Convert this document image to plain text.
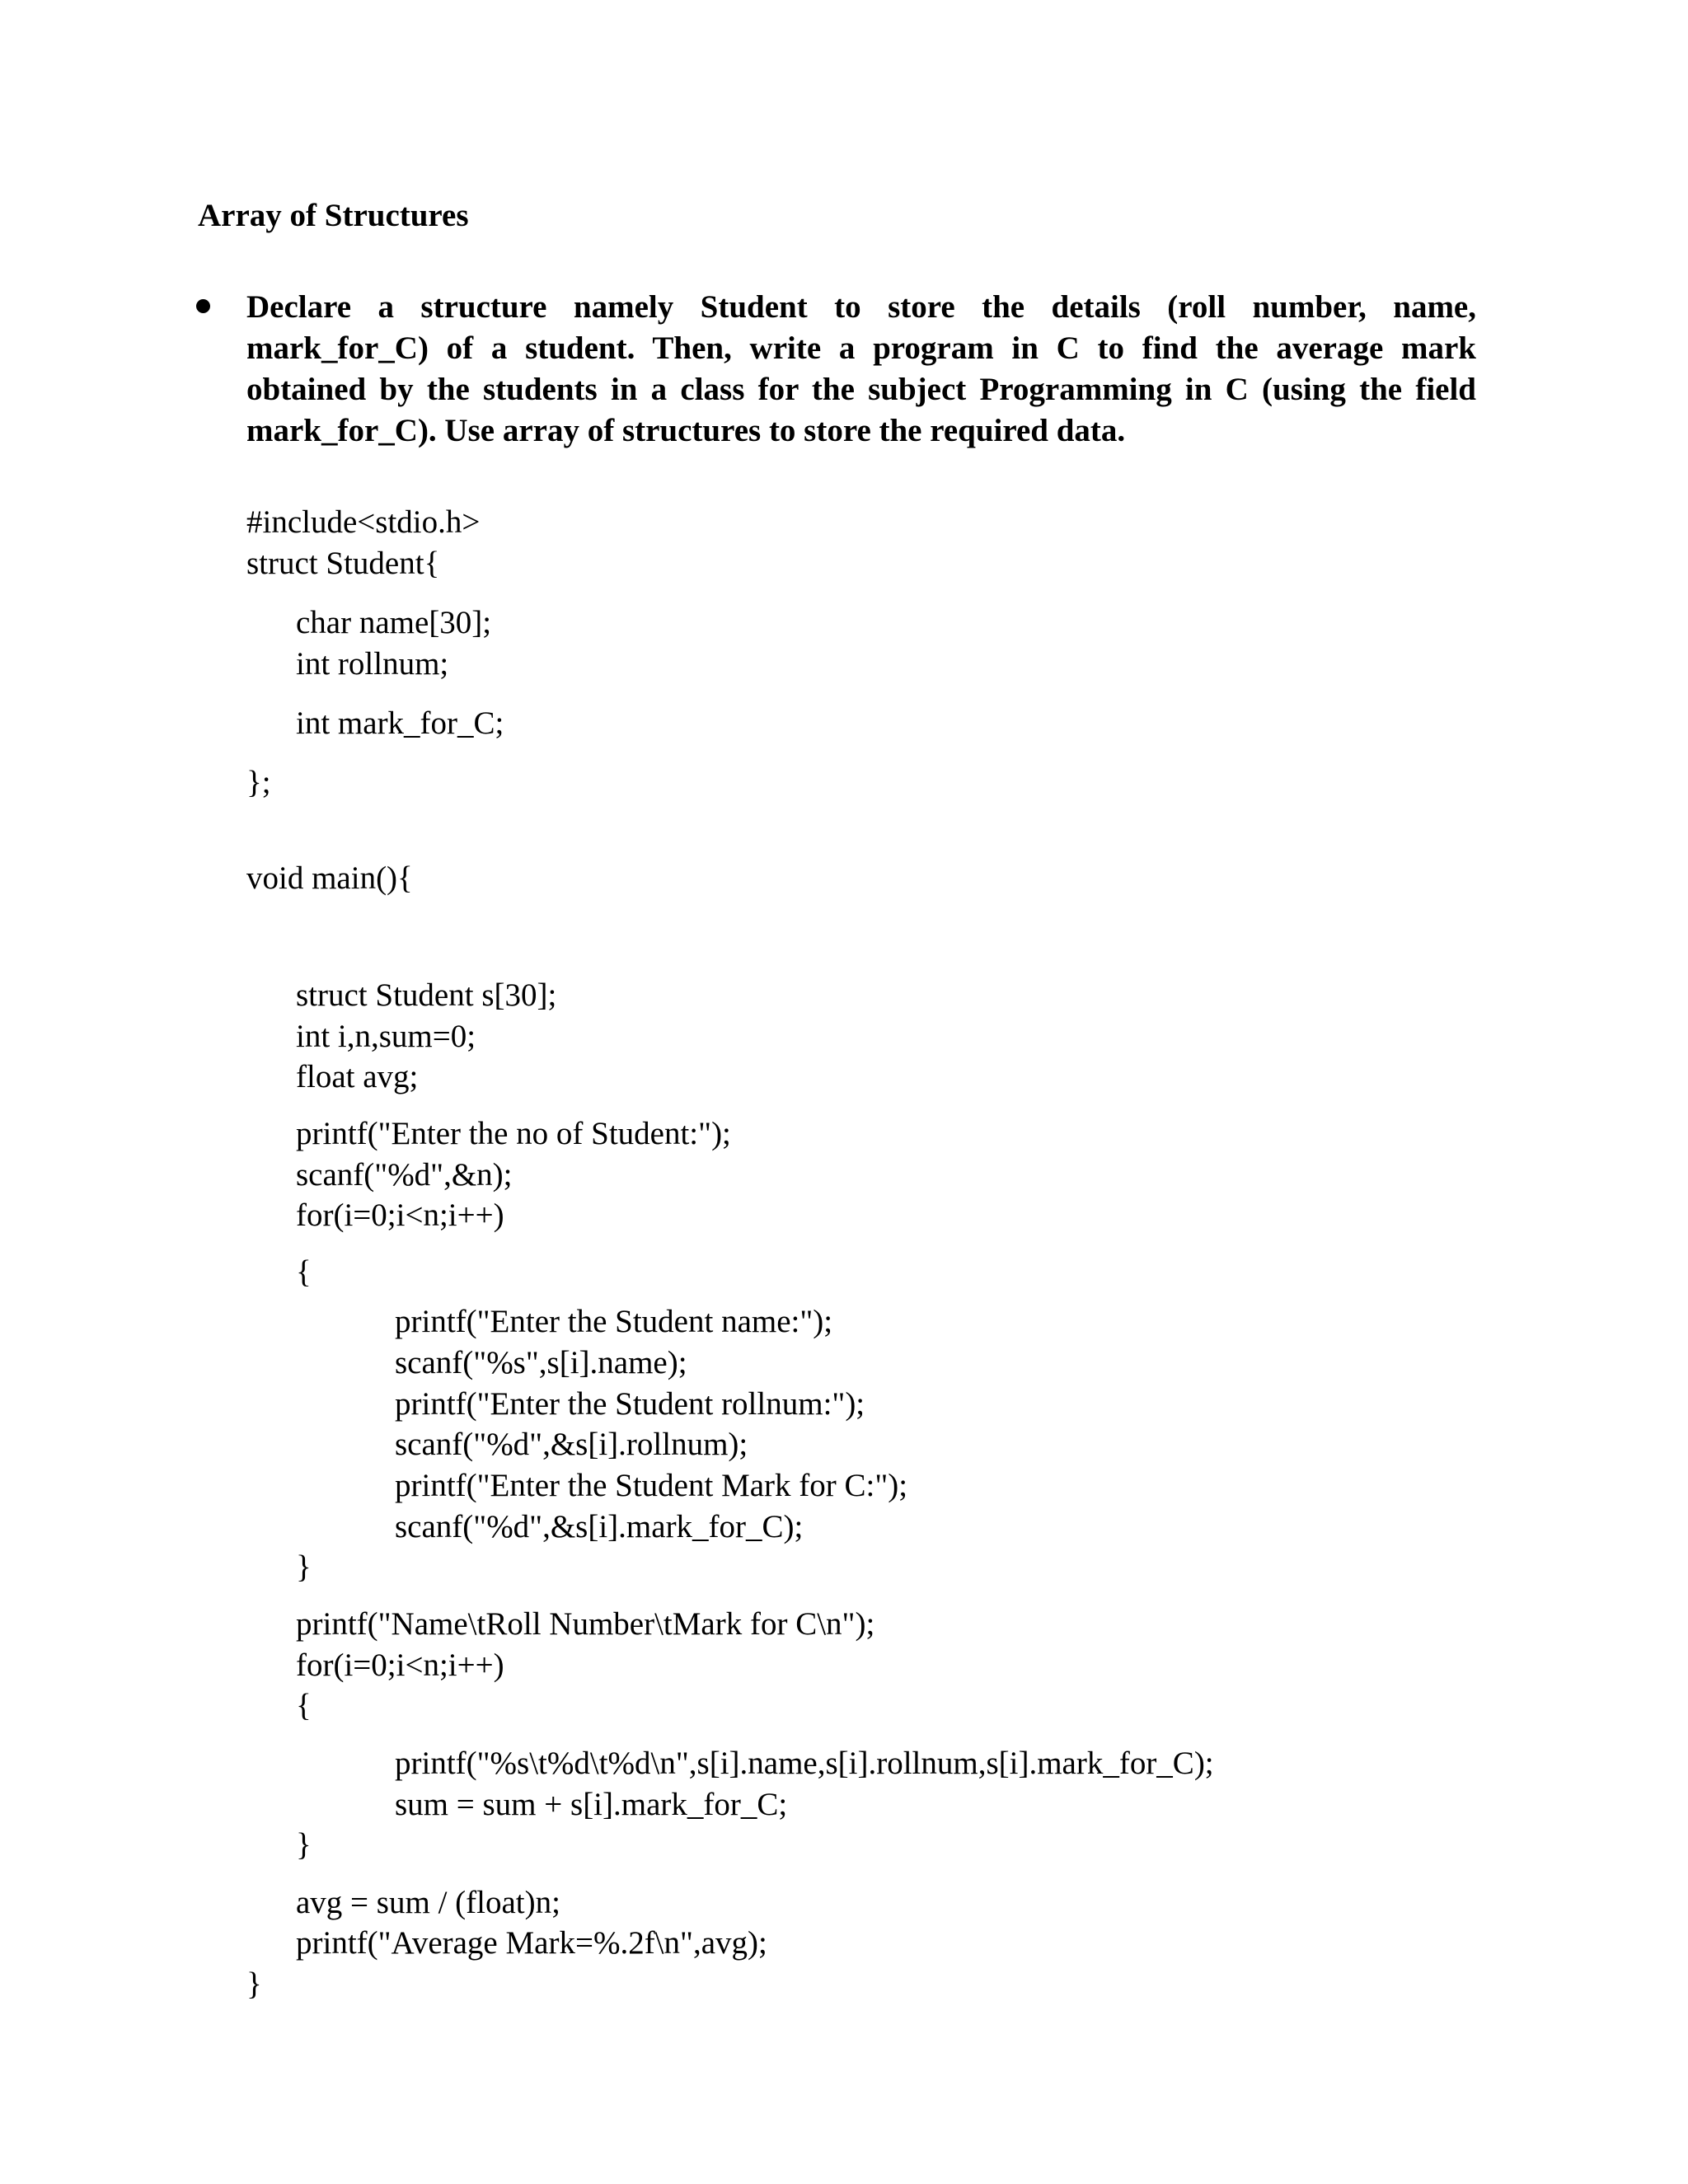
Array of Structures
Declare a structure namely Student to store the details (roll number, name,
mark_for_C) of a student. Then, write a program in C to find the average mark
obtained by the students in a class for the subject Programming in C (using the field
mark_for_C). Use array of structures to store the required data.
#include<stdio.h>
struct Student{
char name[30];
int rollnum;
int mark_for_C;
};
void main(){
struct Student s[30];
int i,n,sum=0;
float avg;
printf("Enter the no of Student:");
scanf("%d",&n);
for(i=0;i<n;i++)
{
printf("Enter the Student name:");
scanf("%s",s[i].name);
printf("Enter the Student rollnum:");
scanf("%d",&s[i].rollnum);
printf("Enter the Student Mark for C:");
scanf("%d",&s[i].mark_for_C);
}
printf("Name\tRoll Number\tMark for C\n");
for(i=0;i<n;i++)
{
printf("%s\t%d\t%d\n",s[i].name,s[i].rollnum,s[i].mark_for_C);
sum = sum + s[i].mark_for_C;
}
avg = sum / (float)n;
printf("Average Mark=%.2f\n",avg);
}
